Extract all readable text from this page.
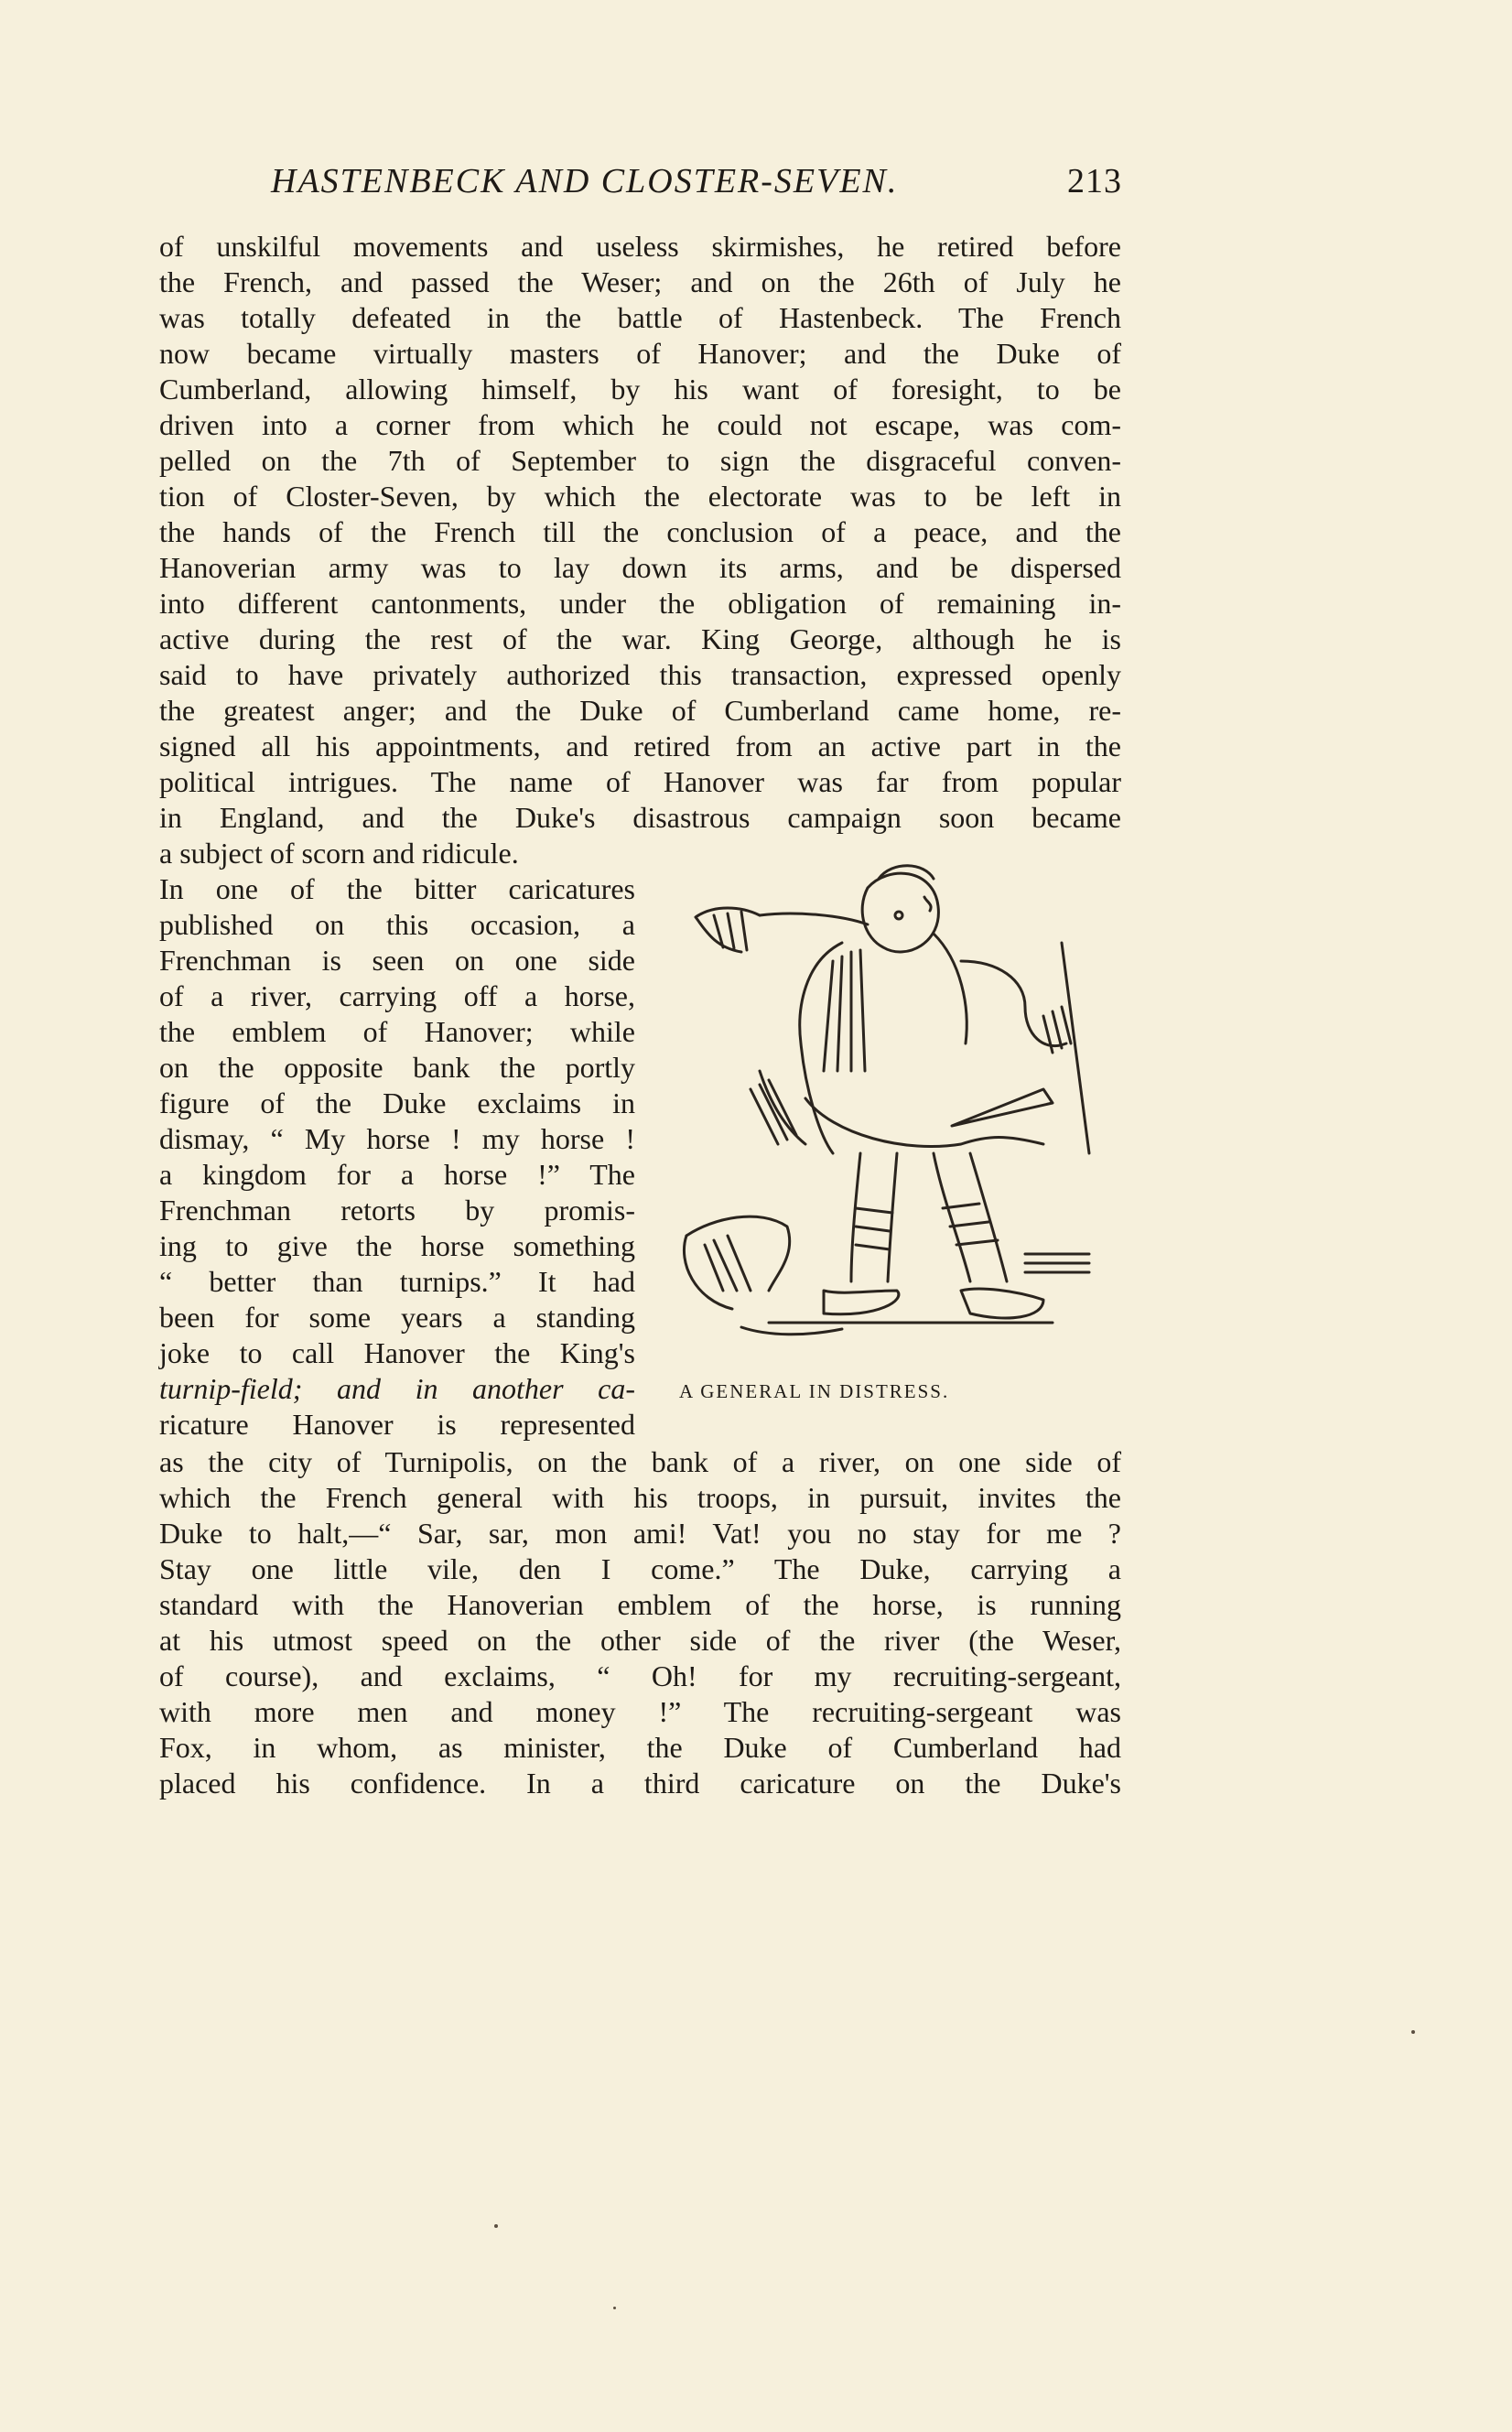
HASTENBECK AND CLOSTER-SEVEN.	213
of unskilful movements and useless skirmishes, he retired before
the French, and passed the Weser; and on the 26th of July he
was totally defeated in the battle of Hastenbeck. The French
now became virtually masters of Hanover; and the Duke of
Cumberland, allowing himself, by his want of foresight, to be
driven into a corner from which he could not escape, was com-
pelled on the 7th of September to sign the disgraceful conven-
tion of Closter-Seven, by which the electorate was to be left in
the hands of the French till the conclusion of a peace, and the
Hanoverian army was to lay down its arms, and be dispersed
into different cantonments, under the obligation of remaining in-
active during the rest of the war. King George, although he is
said to have privately authorized this transaction, expressed openly
the greatest anger; and the Duke of Cumberland came home, re-
signed all his appointments, and retired from an active part in the
political intrigues. The name of Hanover was far from popular
in England, and the Duke's disastrous campaign soon became
a subject of scorn and ridicule.
In one of the bitter caricatures
published on this occasion, a
Frenchman is seen on one side
of a river, carrying off a horse,
the emblem of Hanover; while
on the opposite bank the portly
figure of the Duke exclaims in
dismay, “ My horse ! my horse !
a kingdom for a horse !” The
Frenchman retorts by promis-
ing to give the horse something
“ better than turnips.” It had
been for some years a standing
joke to call Hanover the King's
turnip-field; and in another ca-
ricature Hanover is represented
A GENERAL IN DISTRESS.
as the city of Turnipolis, on the bank of a river, on one side of
which the French general with his troops, in pursuit, invites the
Duke to halt,—“ Sar, sar, mon ami! Vat! you no stay for me ?
Stay one little vile, den I come.” The Duke, carrying a
standard with the Hanoverian emblem of the horse, is running
at his utmost speed on the other side of the river (the Weser,
of course), and exclaims, “ Oh! for my recruiting-sergeant,
with more men and money !” The recruiting-sergeant was
Fox, in whom, as minister, the Duke of Cumberland had
placed his confidence. In a third caricature on the Duke's
